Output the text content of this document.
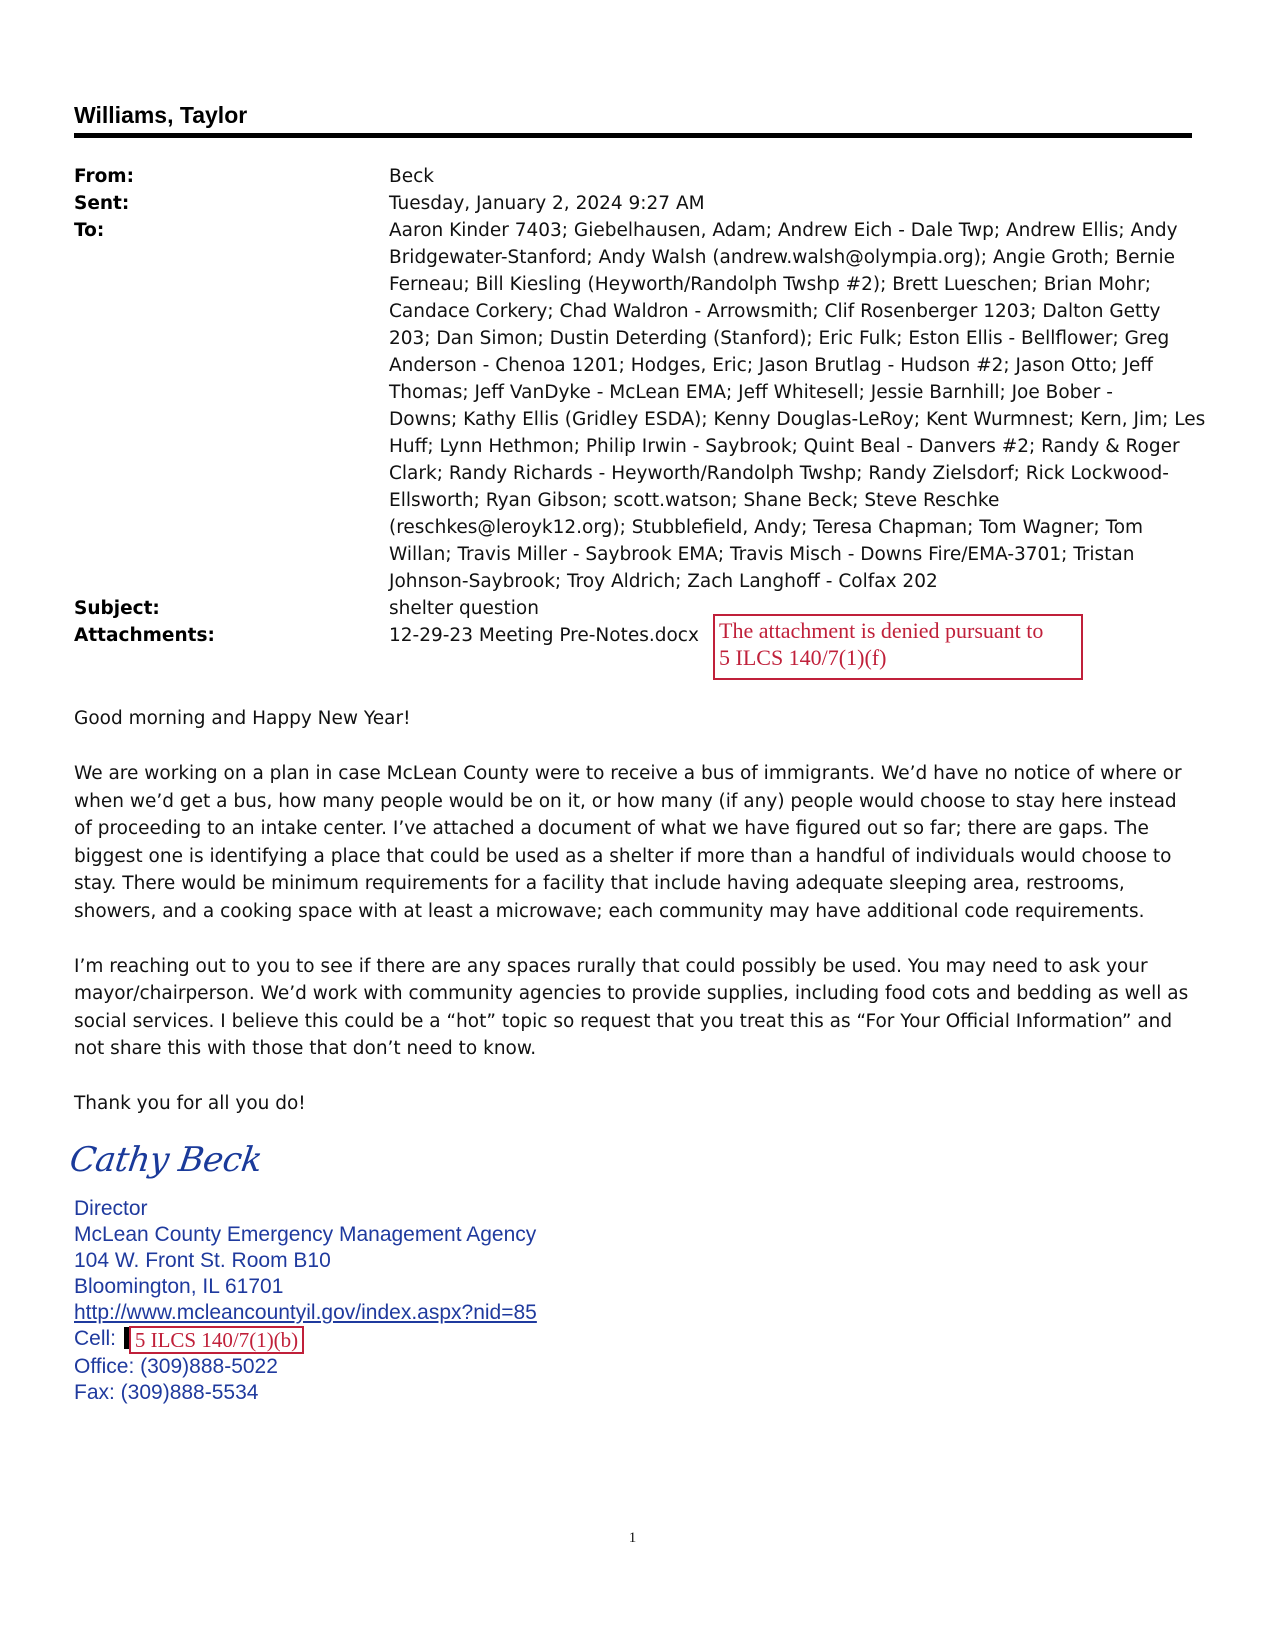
Williams, Taylor
From:	Beck
Sent:	Tuesday, January 2, 2024 9:27 AM
To:	Aaron Kinder 7403; Giebelhausen, Adam; Andrew Eich - Dale Twp; Andrew Ellis; Andy
Bridgewater-Stanford; Andy Walsh (andrew.walsh@olympia.org); Angie Groth; Bernie
Ferneau; Bill Kiesling (Heyworth/Randolph Twshp #2); Brett Lueschen; Brian Mohr;
Candace Corkery; Chad Waldron - Arrowsmith; Clif Rosenberger 1203; Dalton Getty
203; Dan Simon; Dustin Deterding (Stanford); Eric Fulk; Eston Ellis - Bellflower; Greg
Anderson - Chenoa 1201; Hodges, Eric; Jason Brutlag - Hudson #2; Jason Otto; Jeff
Thomas; Jeff VanDyke - McLean EMA; Jeff Whitesell; Jessie Barnhill; Joe Bober -
Downs; Kathy Ellis (Gridley ESDA); Kenny Douglas-LeRoy; Kent Wurmnest; Kern, Jim; Les
Huff; Lynn Hethmon; Philip Irwin - Saybrook; Quint Beal - Danvers #2; Randy & Roger
Clark; Randy Richards - Heyworth/Randolph Twshp; Randy Zielsdorf; Rick Lockwood-
Ellsworth; Ryan Gibson; scott.watson; Shane Beck; Steve Reschke
(reschkes@leroyk12.org); Stubblefield, Andy; Teresa Chapman; Tom Wagner; Tom
Willan; Travis Miller - Saybrook EMA; Travis Misch - Downs Fire/EMA-3701; Tristan
Johnson-Saybrook; Troy Aldrich; Zach Langhoff - Colfax 202
Subject:	shelter question
Attachments:	12-29-23 Meeting Pre-Notes.docx The attachment is denied pursuant to
5 ILCS 140/7(1)(f)

Good morning and Happy New Year!

We are working on a plan in case McLean County were to receive a bus of immigrants. We’d have no notice of where or when we’d get a bus, how many people would be on it, or how many (if any) people would choose to stay here instead of proceeding to an intake center. I’ve attached a document of what we have figured out so far; there are gaps. The biggest one is identifying a place that could be used as a shelter if more than a handful of individuals would choose to stay. There would be minimum requirements for a facility that include having adequate sleeping area, restrooms, showers, and a cooking space with at least a microwave; each community may have additional code requirements.

I’m reaching out to you to see if there are any spaces rurally that could possibly be used. You may need to ask your mayor/chairperson. We’d work with community agencies to provide supplies, including food cots and bedding as well as social services. I believe this could be a “hot” topic so request that you treat this as “For Your Official Information” and not share this with those that don’t need to know.

Thank you for all you do!

Cathy Beck
Director
McLean County Emergency Management Agency
104 W. Front St. Room B10
Bloomington, IL 61701
http://www.mcleancountyil.gov/index.aspx?nid=85
Cell: 5 ILCS 140/7(1)(b)
Office: (309)888-5022
Fax: (309)888-5534
1
